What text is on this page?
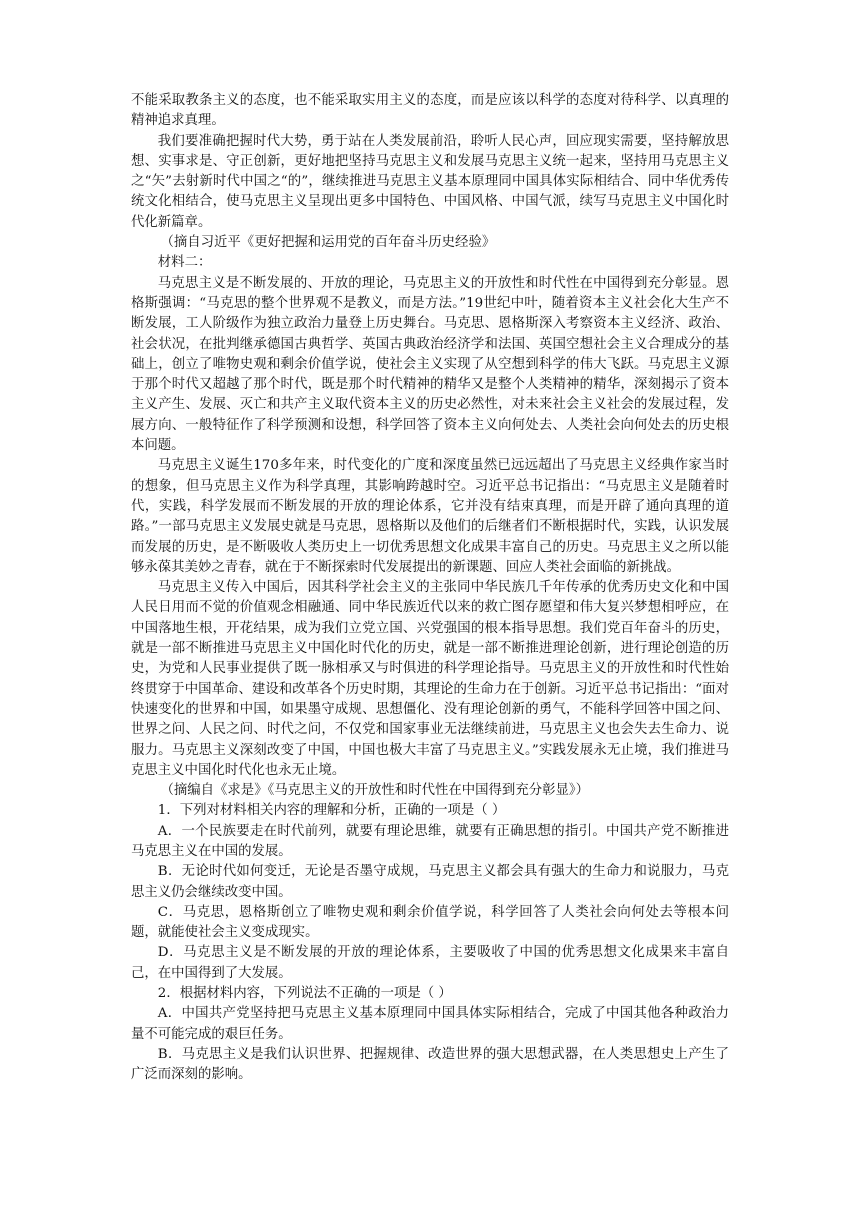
不能采取教条主义的态度，也不能采取实用主义的态度，而是应该以科学的态度对待科学、以真理的精神追求真理。

我们要准确把握时代大势，勇于站在人类发展前沿，聆听人民心声，回应现实需要，坚持解放思想、实事求是、守正创新，更好地把坚持马克思主义和发展马克思主义统一起来，坚持用马克思主义之“矢”去射新时代中国之“的”，继续推进马克思主义基本原理同中国具体实际相结合、同中华优秀传统文化相结合，使马克思主义呈现出更多中国特色、中国风格、中国气派，续写马克思主义中国化时代化新篇章。

（摘自习近平《更好把握和运用党的百年奋斗历史经验》

材料二：

马克思主义是不断发展的、开放的理论，马克思主义的开放性和时代性在中国得到充分彰显。恩格斯强调：“马克思的整个世界观不是教义，而是方法。”19世纪中叶，随着资本主义社会化大生产不断发展，工人阶级作为独立政治力量登上历史舞台。马克思、恩格斯深入考察资本主义经济、政治、社会状况，在批判继承德国古典哲学、英国古典政治经济学和法国、英国空想社会主义合理成分的基础上，创立了唯物史观和剩余价值学说，使社会主义实现了从空想到科学的伟大飞跃。马克思主义源于那个时代又超越了那个时代，既是那个时代精神的精华又是整个人类精神的精华，深刻揭示了资本主义产生、发展、灭亡和共产主义取代资本主义的历史必然性，对未来社会主义社会的发展过程，发展方向、一般特征作了科学预测和设想，科学回答了资本主义向何处去、人类社会向何处去的历史根本问题。

马克思主义诞生170多年来，时代变化的广度和深度虽然已远远超出了马克思主义经典作家当时的想象，但马克思主义作为科学真理，其影响跨越时空。习近平总书记指出：“马克思主义是随着时代，实践，科学发展而不断发展的开放的理论体系，它并没有结束真理，而是开辟了通向真理的道路。”一部马克思主义发展史就是马克思，恩格斯以及他们的后继者们不断根据时代，实践，认识发展而发展的历史，是不断吸收人类历史上一切优秀思想文化成果丰富自己的历史。马克思主义之所以能够永葆其美妙之青春，就在于不断探索时代发展提出的新课题、回应人类社会面临的新挑战。

马克思主义传入中国后，因其科学社会主义的主张同中华民族几千年传承的优秀历史文化和中国人民日用而不觉的价值观念相融通、同中华民族近代以来的救亡图存愿望和伟大复兴梦想相呼应，在中国落地生根，开花结果，成为我们立党立国、兴党强国的根本指导思想。我们党百年奋斗的历史，就是一部不断推进马克思主义中国化时代化的历史，就是一部不断推进理论创新，进行理论创造的历史，为党和人民事业提供了既一脉相承又与时俱进的科学理论指导。马克思主义的开放性和时代性始终贯穿于中国革命、建设和改革各个历史时期，其理论的生命力在于创新。习近平总书记指出：“面对快速变化的世界和中国，如果墨守成规、思想僵化、没有理论创新的勇气，不能科学回答中国之问、世界之问、人民之问、时代之问，不仅党和国家事业无法继续前进，马克思主义也会失去生命力、说服力。马克思主义深刻改变了中国，中国也极大丰富了马克思主义。”实践发展永无止境，我们推进马克思主义中国化时代化也永无止境。

（摘编自《求是》《马克思主义的开放性和时代性在中国得到充分彰显》）

1．下列对材料相关内容的理解和分析，正确的一项是（ ）

A．一个民族要走在时代前列，就要有理论思维，就要有正确思想的指引。中国共产党不断推进马克思主义在中国的发展。

B．无论时代如何变迁，无论是否墨守成规，马克思主义都会具有强大的生命力和说服力，马克思主义仍会继续改变中国。

C．马克思，恩格斯创立了唯物史观和剩余价值学说，科学回答了人类社会向何处去等根本问题，就能使社会主义变成现实。

D．马克思主义是不断发展的开放的理论体系，主要吸收了中国的优秀思想文化成果来丰富自己，在中国得到了大发展。

2．根据材料内容，下列说法不正确的一项是（ ）

A．中国共产党坚持把马克思主义基本原理同中国具体实际相结合，完成了中国其他各种政治力量不可能完成的艰巨任务。

B．马克思主义是我们认识世界、把握规律、改造世界的强大思想武器，在人类思想史上产生了广泛而深刻的影响。
